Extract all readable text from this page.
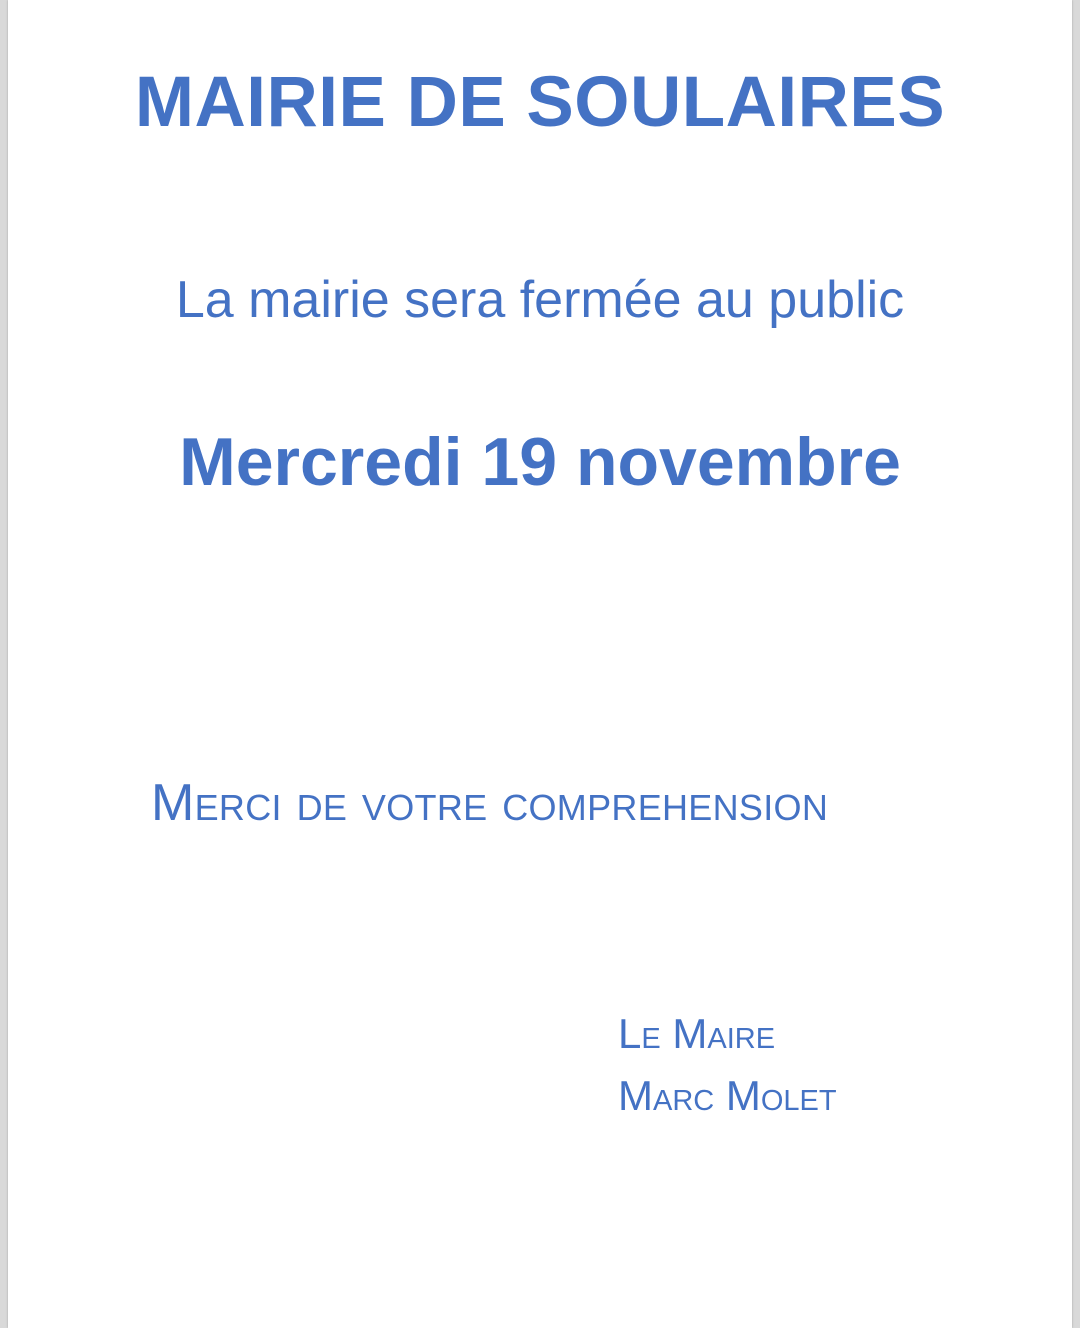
MAIRIE DE SOULAIRES

La mairie sera fermée au public

Mercredi 19 novembre

Merci de votre comprehension

Le Maire

Marc Molet
